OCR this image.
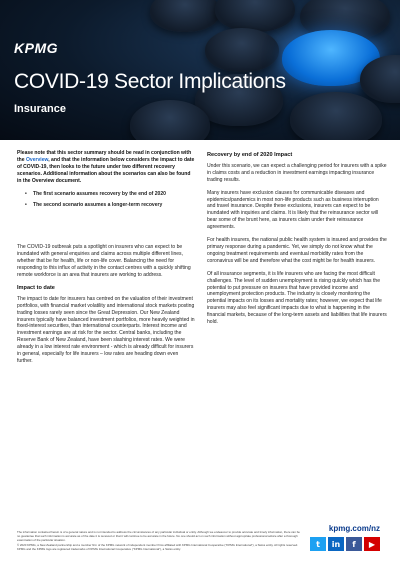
KPMG
COVID-19 Sector Implications
Insurance

Please note that this sector summary should be read in conjunction with the Overview, and that the information below considers the impact to date of COVID-19, then looks to the future under two different recovery scenarios. Additional information about the scenarios can also be found in the Overview document.

• The first scenario assumes recovery by the end of 2020
• The second scenario assumes a longer-term recovery

The COVID-19 outbreak puts a spotlight on insurers who can expect to be inundated with general enquiries and claims across multiple different lines, whether that be for health, life or non-life cover. Balancing the need for responding to this influx of activity in the contact centres with a quickly shifting remote workforce is an area that insurers are working to address.

Impact to date

The impact to date for insurers has centred on the valuation of their investment portfolios, with financial market volatility and international stock markets posting trading losses rarely seen since the Great Depression. Our New Zealand insurers typically have balanced investment portfolios, more heavily weighted in fixed-interest securities, than international counterparts. Interest income and investment earnings are at risk for the sector. Central banks, including the Reserve Bank of New Zealand, have been slashing interest rates. We were already in a low interest rate environment - which is already difficult for insurers in general, especially for life insurers – low rates are heading down even further.

Recovery by end of 2020 Impact

Under this scenario, we can expect a challenging period for insurers with a spike in claims costs and a reduction in investment earnings impacting insurance trading results.

Many insurers have exclusion clauses for communicable diseases and epidemics/pandemics in most non-life products such as business interruption and travel insurance. Despite these exclusions, insurers can expect to be inundated with inquiries and claims. It is likely that the reinsurance sector will bear some of the brunt here, as insurers claim under their reinsurance agreements.

For health insurers, the national public health system is insured and provides the primary response during a pandemic. Yet, we simply do not know what the ongoing treatment requirements and eventual morbidity rates from the coronavirus will be and therefore what the cost might be for health insurers.

Of all insurance segments, it is life insurers who are facing the most difficult challenges. The level of sudden unemployment is rising quickly which has the potential to put pressure on insurers that have provided income and unemployment protection products. The industry is closely monitoring the potential impacts on its losses and mortality rates; however, we expect that life insurers may also feel significant impacts due to what is happening in the financial markets, because of the long-term assets and liabilities that life insurers hold.

The information contained herein is of a general nature and is not intended to address the circumstances of any particular individual or entity. Although we endeavour to provide accurate and timely information, there can be no guarantee that such information is accurate as of the date it is received or that it will continue to be accurate in the future. No one should act on such information without appropriate professional advice after a thorough examination of the particular situation.

© 2020 KPMG, a New Zealand partnership and a member firm of the KPMG network of independent member firms affiliated with KPMG International Cooperative ("KPMG International"), a Swiss entity. All rights reserved. KPMG and the KPMG logo are registered trademarks of KPMG International Cooperative ("KPMG International"), a Swiss entity.

kpmg.com/nz
t	in	f	▶
